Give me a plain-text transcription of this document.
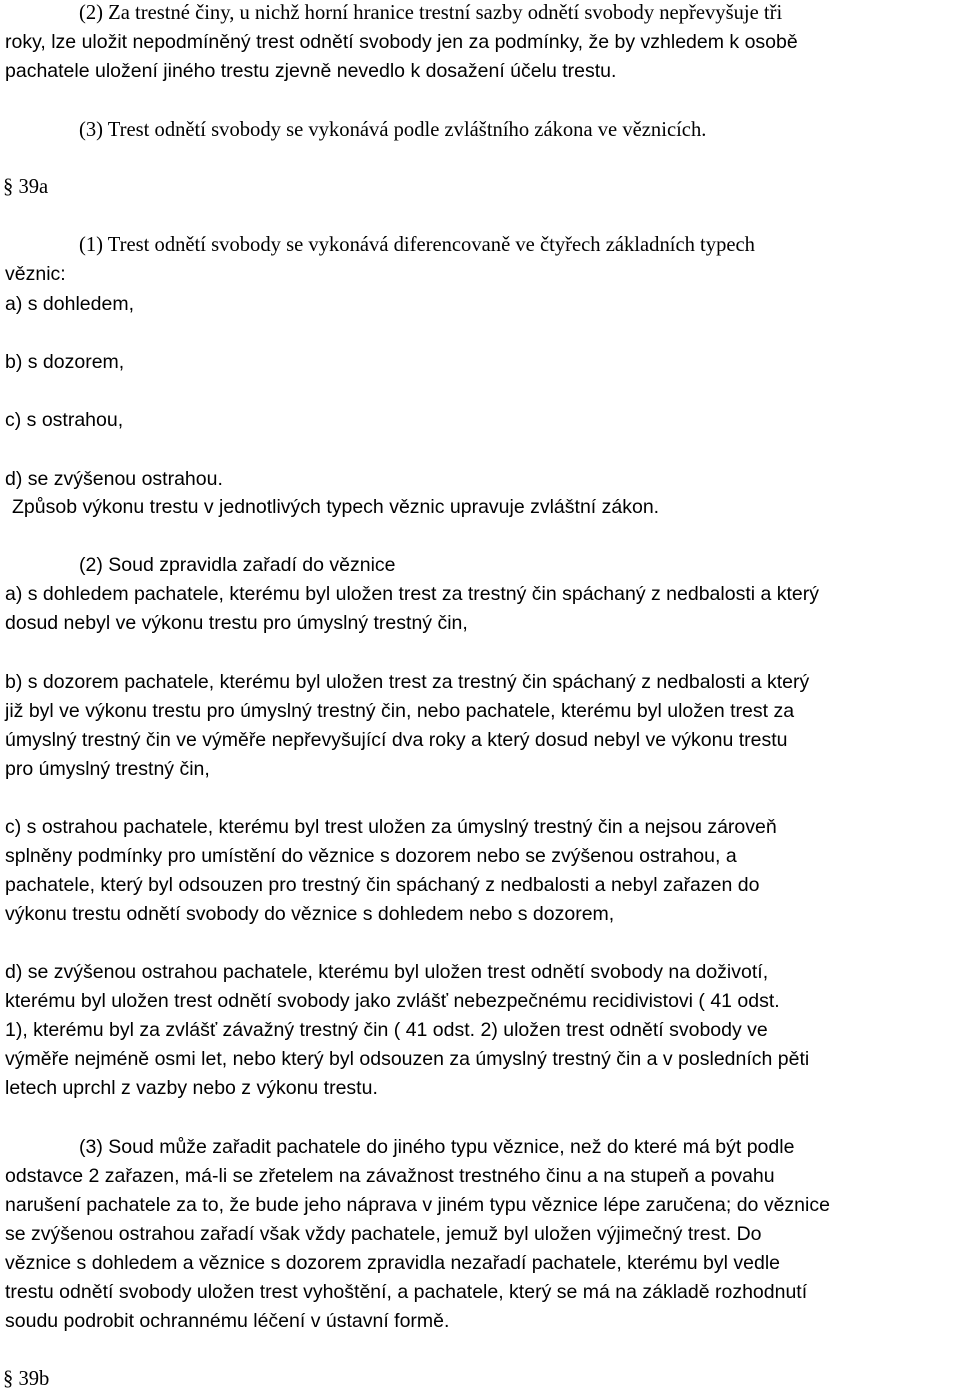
(2) Za trestné činy, u nichž horní hranice trestní sazby odnětí svobody nepřevyšuje tři
roky, lze uložit nepodmíněný trest odnětí svobody jen za podmínky, že by vzhledem k osobě
pachatele uložení jiného trestu zjevně nevedlo k dosažení účelu trestu.
(3) Trest odnětí svobody se vykonává podle zvláštního zákona ve věznicích.
§ 39a
(1) Trest odnětí svobody se vykonává diferencovaně ve čtyřech základních typech
věznic:
a) s dohledem,
b) s dozorem,
c) s ostrahou,
d) se zvýšenou ostrahou.
Způsob výkonu trestu v jednotlivých typech věznic upravuje zvláštní zákon.
(2) Soud zpravidla zařadí do věznice
a) s dohledem pachatele, kterému byl uložen trest za trestný čin spáchaný z nedbalosti a který
dosud nebyl ve výkonu trestu pro úmyslný trestný čin,
b) s dozorem pachatele, kterému byl uložen trest za trestný čin spáchaný z nedbalosti a který
již byl ve výkonu trestu pro úmyslný trestný čin, nebo pachatele, kterému byl uložen trest za
úmyslný trestný čin ve výměře nepřevyšující dva roky a který dosud nebyl ve výkonu trestu
pro úmyslný trestný čin,
c) s ostrahou pachatele, kterému byl trest uložen za úmyslný trestný čin a nejsou zároveň
splněny podmínky pro umístění do věznice s dozorem nebo se zvýšenou ostrahou, a
pachatele, který byl odsouzen pro trestný čin spáchaný z nedbalosti a nebyl zařazen do
výkonu trestu odnětí svobody do věznice s dohledem nebo s dozorem,
d) se zvýšenou ostrahou pachatele, kterému byl uložen trest odnětí svobody na doživotí,
kterému byl uložen trest odnětí svobody jako zvlášť nebezpečnému recidivistovi ( 41 odst.
1), kterému byl za zvlášť závažný trestný čin ( 41 odst. 2) uložen trest odnětí svobody ve
výměře nejméně osmi let, nebo který byl odsouzen za úmyslný trestný čin a v posledních pěti
letech uprchl z vazby nebo z výkonu trestu.
(3) Soud může zařadit pachatele do jiného typu věznice, než do které má být podle
odstavce 2 zařazen, má-li se zřetelem na závažnost trestného činu a na stupeň a povahu
narušení pachatele za to, že bude jeho náprava v jiném typu věznice lépe zaručena; do věznice
se zvýšenou ostrahou zařadí však vždy pachatele, jemuž byl uložen výjimečný trest. Do
věznice s dohledem a věznice s dozorem zpravidla nezařadí pachatele, kterému byl vedle
trestu odnětí svobody uložen trest vyhoštění, a pachatele, který se má na základě rozhodnutí
soudu podrobit ochrannému léčení v ústavní formě.
§ 39b
